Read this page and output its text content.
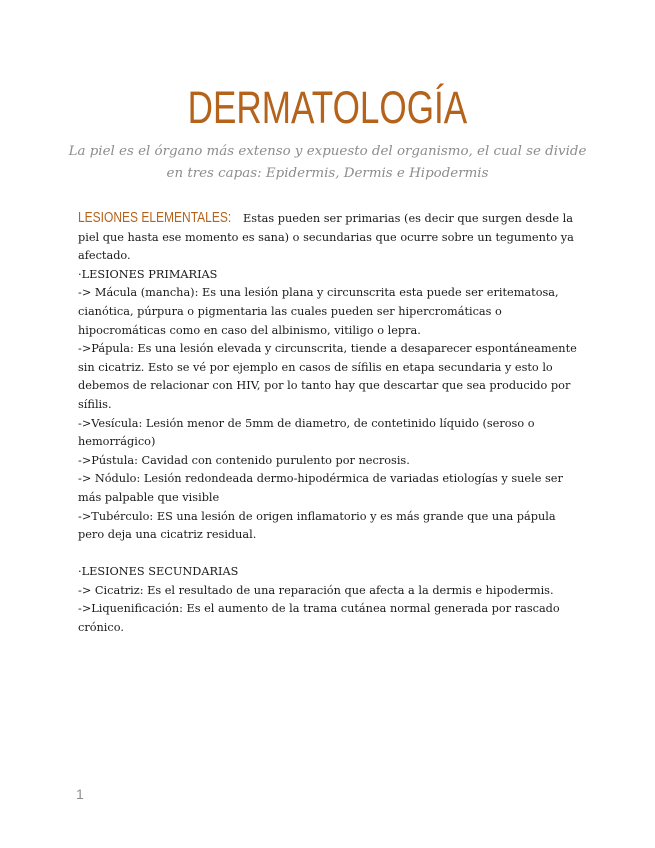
DERMATOLOGÍA
La piel es el órgano más extenso y expuesto del organismo, el cual se divide
en tres capas: Epidermis, Dermis e Hipodermis

LESIONES ELEMENTALES: Estas pueden ser primarias (es decir que surgen desde la piel que hasta ese momento es sana) o secundarias que ocurre sobre un tegumento ya afectado.

·LESIONES PRIMARIAS

-> Mácula (mancha): Es una lesión plana y circunscrita esta puede ser eritematosa, cianótica, púrpura o pigmentaria las cuales pueden ser hipercromáticas o hipocromáticas como en caso del albinismo, vitiligo o lepra.

->Pápula: Es una lesión elevada y circunscrita, tiende a desaparecer espontáneamente sin cicatriz. Esto se vé por ejemplo en casos de sífilis en etapa secundaria y esto lo debemos de relacionar con HIV, por lo tanto hay que descartar que sea producido por sífilis.

->Vesícula: Lesión menor de 5mm de diametro, de contetinido líquido (seroso o hemorrágico)

->Pústula: Cavidad con contenido purulento por necrosis.

-> Nódulo: Lesión redondeada dermo-hipodérmica de variadas etiologías y suele ser más palpable que visible

->Tubérculo: ES una lesión de origen inflamatorio y es más grande que una pápula pero deja una cicatriz residual.

·LESIONES SECUNDARIAS

-> Cicatriz: Es el resultado de una reparación que afecta a la dermis e hipodermis.

->Liquenificación: Es el aumento de la trama cutánea normal generada por rascado crónico.

1
